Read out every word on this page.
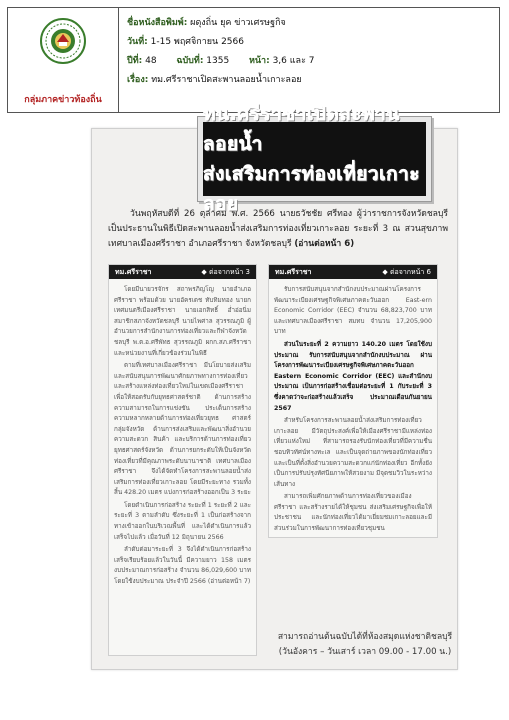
กลุ่มภาคข่าวท้องถิ่น
ชื่อหนังสือพิมพ์: ผดุงถิ่น ยุค ข่าวเศรษฐกิจ
วันที่: 1-15 พฤศจิกายน 2566
ปีที่: 48 ฉบับที่: 1355 หน้า: 3,6 และ 7
เรื่อง: ทม.ศรีราชาเปิดสะพานลอยน้ำเกาะลอย
ทน.ศรีราชาเปิดสะพานลอยน้ำ
ส่งเสริมการท่องเที่ยวเกาะลอย
วันพฤหัสบดีที่ 26 ตุลาคม พ.ศ. 2566 นายธวัชชัย ศรีทอง ผู้ว่าราชการจังหวัดชลบุรี เป็นประธานในพิธีเปิดสะพานลอยน้ำส่งเสริมการท่องเที่ยวเกาะลอย ระยะที่ 3 ณ สวนสุขภาพ เทศบาลเมืองศรีราชา อำเภอศรีราชา จังหวัดชลบุรี (อ่านต่อหน้า 6)
ทม.ศรีราชา	◆ ต่อจากหน้า 3

โดยมีนายวรจักร สถาพรภิญโญ นายอำเภอศรีราชา พร้อมด้วย นายอัครเดช ทับทิมทอง นายกเทศมนตรีเมืองศรีราชา นายเอกสิทธิ์ อ่ำอ่อนิ่ม สมาชิกสภาจังหวัดชลบุรี นายไพศาล สุวรรณภูมิ ผู้อำนวยการสำนักงานการท่องเที่ยวและกีฬาจังหวัดชลบุรี พ.ต.อ.ศรีพัทธ สุวรรณภูมิ ผกก.สภ.ศรีราชา และหน่วยงานที่เกี่ยวข้องร่วมในพิธี

ตามที่เทศบาลเมืองศรีราชา มีนโยบายส่งเสริมและสนับสนุนการพัฒนาศักยภาพทางการท่องเที่ยว และสร้างแหล่งท่องเที่ยวใหม่ในเขตเมืองศรีราชา เพื่อให้สอดรับกับยุทธศาสตร์ชาติ ด้านการสร้างความสามารถในการแข่งขัน ประเด็นการสร้างความหลากหลายด้านการท่องเที่ยวยุทธ ศาสตร์กลุ่มจังหวัด ด้านการส่งเสริมและพัฒนาสิ่งอำนวยความสะดวก สินค้า และบริการด้านการท่องเที่ยว ยุทธศาสตร์จังหวัด ด้านการยกระดับให้เป็นจังหวัดท่องเที่ยวที่มีคุณภาพระดับนานาชาติ เทศบาลเมืองศรีราชา จึงได้จัดทำโครงการสะพานลอยน้ำส่งเสริมการท่องเที่ยวเกาะลอย โดยมีระยะทาง รวมทั้งสิ้น 428.20 เมตร แบ่งการก่อสร้างออกเป็น 3 ระยะ

โดยดำเนินการก่อสร้าง ระยะที่ 1 ระยะที่ 2 และระยะที่ 3 ตามลำดับ ซึ่งระยะที่ 1 เป็นก่อสร้างจากทางเข้าออกในบริเวณพื้นที่ และได้ดำเนินการแล้วเสร็จไปแล้ว เมื่อวันที่ 12 มิถุนายน 2566

ลำดับต่อมาระยะที่ 3 จึงได้ดำเนินการก่อสร้างเสร็จเรียบร้อยแล้วในวันนี้ มีความยาว 158 เมตร งบประมาณการก่อสร้าง จำนวน 86,029,600 บาท โดยใช้งบประมาณ ประจำปี 2566 (อ่านต่อหน้า 7)

ทม.ศรีราชา	◆ ต่อจากหน้า 6

รับการสนับสนุนจากสำนักงบประมาณผ่านโครงการพัฒนาระเบียงเศรษฐกิจพิเศษภาคตะวันออก East-ern Economic Corridor (EEC) จำนวน 68,823,700 บาท และเทศบาลเมืองศรีราชา สมทบ จำนวน 17,205,900 บาท

ส่วนในระยะที่ 2 ความยาว 140.20 เมตร โดยใช้งบประมาณ รับการสนับสนุนจากสำนักงบประมาณ ผ่านโครงการพัฒนาระเบียงเศรษฐกิจพิเศษภาคตะวันออก Eastern Economic Corridor (EEC) และสำนักงบประมาณ เป็นการก่อสร้างเชื่อมต่อระยะที่ 1 กับระยะที่ 3 ซึ่งคาดว่าจะก่อสร้างแล้วเสร็จ ประมาณเดือนกันยายน 2567

สำหรับโครงการสะพานลอยน้ำส่งเสริมการท่องเที่ยวเกาะลอย มีวัตถุประสงค์เพื่อให้เมืองศรีราชามีแหล่งท่องเที่ยวแห่งใหม่ ที่สามารถรองรับนักท่องเที่ยวที่มีความชื่นชอบทิวทัศน์ทางทะเล และเป็นจุดถ่ายภาพของนักท่องเที่ยว และเป็นที่ตั้งสิ่งอำนวยความสะดวกแก่นักท่องเที่ยว อีกทั้งยังเป็นการปรับปรุงทัศนียภาพให้สวยงาม มีจุดชมวิวในระหว่างเส้นทาง

สามารถเพิ่มศักยภาพด้านการท่องเที่ยวของเมืองศรีราชา และสร้างรายได้ให้ชุมชน ส่งเสริมเศรษฐกิจเพื่อให้ประชาชน และนักท่องเที่ยวได้มาเยี่ยมชมเกาะลอยและมีส่วนร่วมในการพัฒนาการท่องเที่ยวชุมชน

สามารถอ่านต้นฉบับได้ที่ห้องสมุดแห่งชาติชลบุรี
(วันอังคาร – วันเสาร์ เวลา 09.00 - 17.00 น.)
